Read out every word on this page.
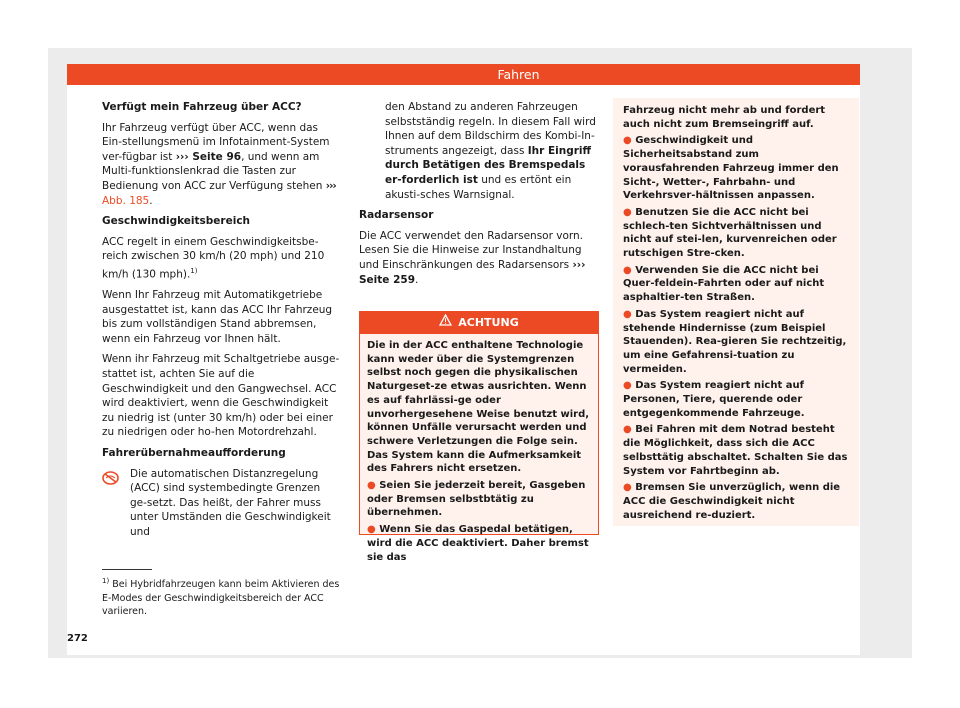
Fahren

Verfügt mein Fahrzeug über ACC?

Ihr Fahrzeug verfügt über ACC, wenn das Ein-stellungsmenü im Infotainment-System ver-fügbar ist ››› Seite 96, und wenn am Multi-funktionslenkrad die Tasten zur Bedienung von ACC zur Verfügung stehen ››› Abb. 185.

Geschwindigkeitsbereich

ACC regelt in einem Geschwindigkeitsbe-reich zwischen 30 km/h (20 mph) und 210 km/h (130 mph).$^{1)}$

Wenn Ihr Fahrzeug mit Automatikgetriebe ausgestattet ist, kann das ACC Ihr Fahrzeug bis zum vollständigen Stand abbremsen, wenn ein Fahrzeug vor Ihnen hält.

Wenn ihr Fahrzeug mit Schaltgetriebe ausge-stattet ist, achten Sie auf die Geschwindigkeit und den Gangwechsel. ACC wird deaktiviert, wenn die Geschwindigkeit zu niedrig ist (unter 30 km/h) oder bei einer zu niedrigen oder ho-hen Motordrehzahl.

Fahrerübernahmeaufforderung

Die automatischen Distanzregelung (ACC) sind systembedingte Grenzen ge-setzt. Das heißt, der Fahrer muss unter Umständen die Geschwindigkeit und

den Abstand zu anderen Fahrzeugen selbstständig regeln. In diesem Fall wird Ihnen auf dem Bildschirm des Kombi-In-struments angezeigt, dass Ihr Eingriff durch Betätigen des Bremspedals er-forderlich ist und es ertönt ein akusti-sches Warnsignal.

Radarsensor

Die ACC verwendet den Radarsensor vorn. Lesen Sie die Hinweise zur Instandhaltung und Einschränkungen des Radarsensors ››› Seite 259.

ACHTUNG

Die in der ACC enthaltene Technologie kann weder über die Systemgrenzen selbst noch gegen die physikalischen Naturgeset-ze etwas ausrichten. Wenn es auf fahrlässi-ge oder unvorhergesehene Weise benutzt wird, können Unfälle verursacht werden und schwere Verletzungen die Folge sein. Das System kann die Aufmerksamkeit des Fahrers nicht ersetzen.

● Seien Sie jederzeit bereit, Gasgeben oder Bremsen selbstbtätig zu übernehmen.

● Wenn Sie das Gaspedal betätigen, wird die ACC deaktiviert. Daher bremst sie das

Fahrzeug nicht mehr ab und fordert auch nicht zum Bremseingriff auf.

● Geschwindigkeit und Sicherheitsabstand zum vorausfahrenden Fahrzeug immer den Sicht-, Wetter-, Fahrbahn- und Verkehrsver-hältnissen anpassen.

● Benutzen Sie die ACC nicht bei schlech-ten Sichtverhältnissen und nicht auf stei-len, kurvenreichen oder rutschigen Stre-cken.

● Verwenden Sie die ACC nicht bei Quer-feldein-Fahrten oder auf nicht asphaltier-ten Straßen.

● Das System reagiert nicht auf stehende Hindernisse (zum Beispiel Stauenden). Rea-gieren Sie rechtzeitig, um eine Gefahrensi-tuation zu vermeiden.

● Das System reagiert nicht auf Personen, Tiere, querende oder entgegenkommende Fahrzeuge.

● Bei Fahren mit dem Notrad besteht die Möglichkeit, dass sich die ACC selbsttätig abschaltet. Schalten Sie das System vor Fahrtbeginn ab.

● Bremsen Sie unverzüglich, wenn die ACC die Geschwindigkeit nicht ausreichend re-duziert.

$^{1)}$ Bei Hybridfahrzeugen kann beim Aktivieren des E-Modes der Geschwindigkeitsbereich der ACC variieren.
272
